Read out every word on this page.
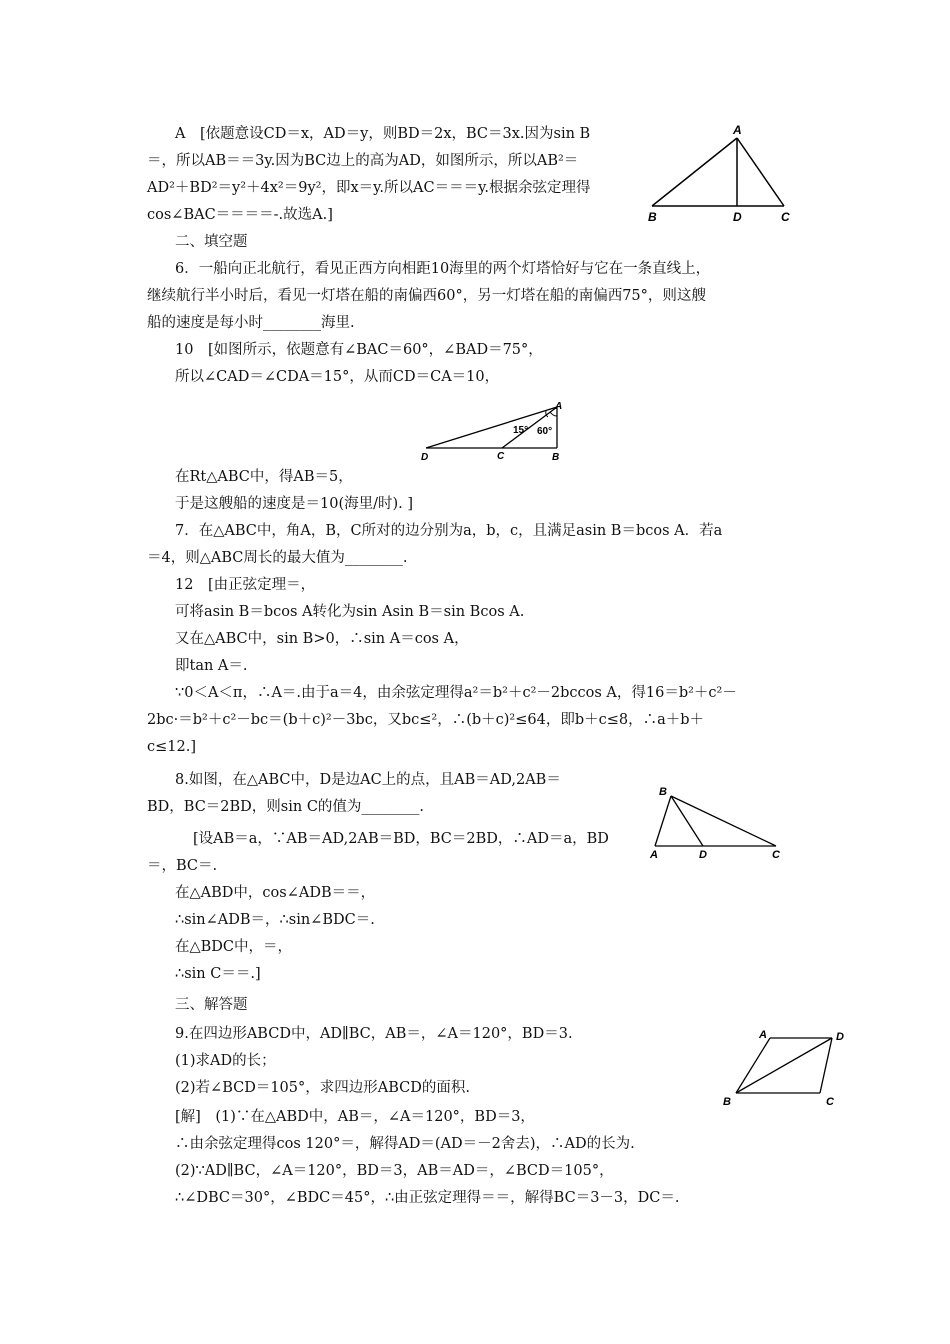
A　[依题意设CD＝x，AD＝y，则BD＝2x，BC＝3x.因为sin B
＝，所以AB＝＝3y.因为BC边上的高为AD，如图所示，所以AB²＝
AD²＋BD²＝y²＋4x²＝9y²，即x＝y.所以AC＝＝＝y.根据余弦定理得
cos∠BAC＝＝＝＝-.故选A.]
二、填空题
6．一船向正北航行，看见正西方向相距10海里的两个灯塔恰好与它在一条直线上，
继续航行半小时后，看见一灯塔在船的南偏西60°，另一灯塔在船的南偏西75°，则这艘
船的速度是每小时________海里.
10　[如图所示，依题意有∠BAC＝60°，∠BAD＝75°，
所以∠CAD＝∠CDA＝15°，从而CD＝CA＝10，
在Rt△ABC中，得AB＝5，
于是这艘船的速度是＝10(海里/时). ]
7．在△ABC中，角A，B，C所对的边分别为a，b，c，且满足asin B＝bcos A．若a
＝4，则△ABC周长的最大值为________.
12　[由正弦定理＝，
可将asin B＝bcos A转化为sin Asin B＝sin Bcos A.
又在△ABC中，sin B>0，∴sin A＝cos A，
即tan A＝.
∵0＜A＜π，∴A＝.由于a＝4，由余弦定理得a²＝b²＋c²－2bccos A，得16＝b²＋c²－
2bc·＝b²＋c²－bc＝(b＋c)²－3bc，又bc≤²，∴(b＋c)²≤64，即b＋c≤8，∴a＋b＋
c≤12.]
8.如图，在△ABC中，D是边AC上的点，且AB＝AD,2AB＝
BD，BC＝2BD，则sin C的值为________.
[设AB＝a，∵AB＝AD,2AB＝BD，BC＝2BD，∴AD＝a，BD
＝，BC＝.
在△ABD中，cos∠ADB＝＝，
∴sin∠ADB＝，∴sin∠BDC＝.
在△BDC中，＝，
∴sin C＝＝.]
三、解答题
9.在四边形ABCD中，AD∥BC，AB＝，∠A＝120°，BD＝3.
(1)求AD的长；
(2)若∠BCD＝105°，求四边形ABCD的面积.
[解]　(1)∵在△ABD中，AB＝，∠A＝120°，BD＝3，
∴由余弦定理得cos 120°＝，解得AD＝(AD＝－2舍去)，∴AD的长为.
(2)∵AD∥BC，∠A＝120°，BD＝3，AB＝AD＝，∠BCD＝105°，
∴∠DBC＝30°，∠BDC＝45°，∴由正弦定理得＝＝，解得BC＝3－3，DC＝.
A
B	D	C
A
D	C	B
15° 60°
B
A	D	C
A	D
B	C
